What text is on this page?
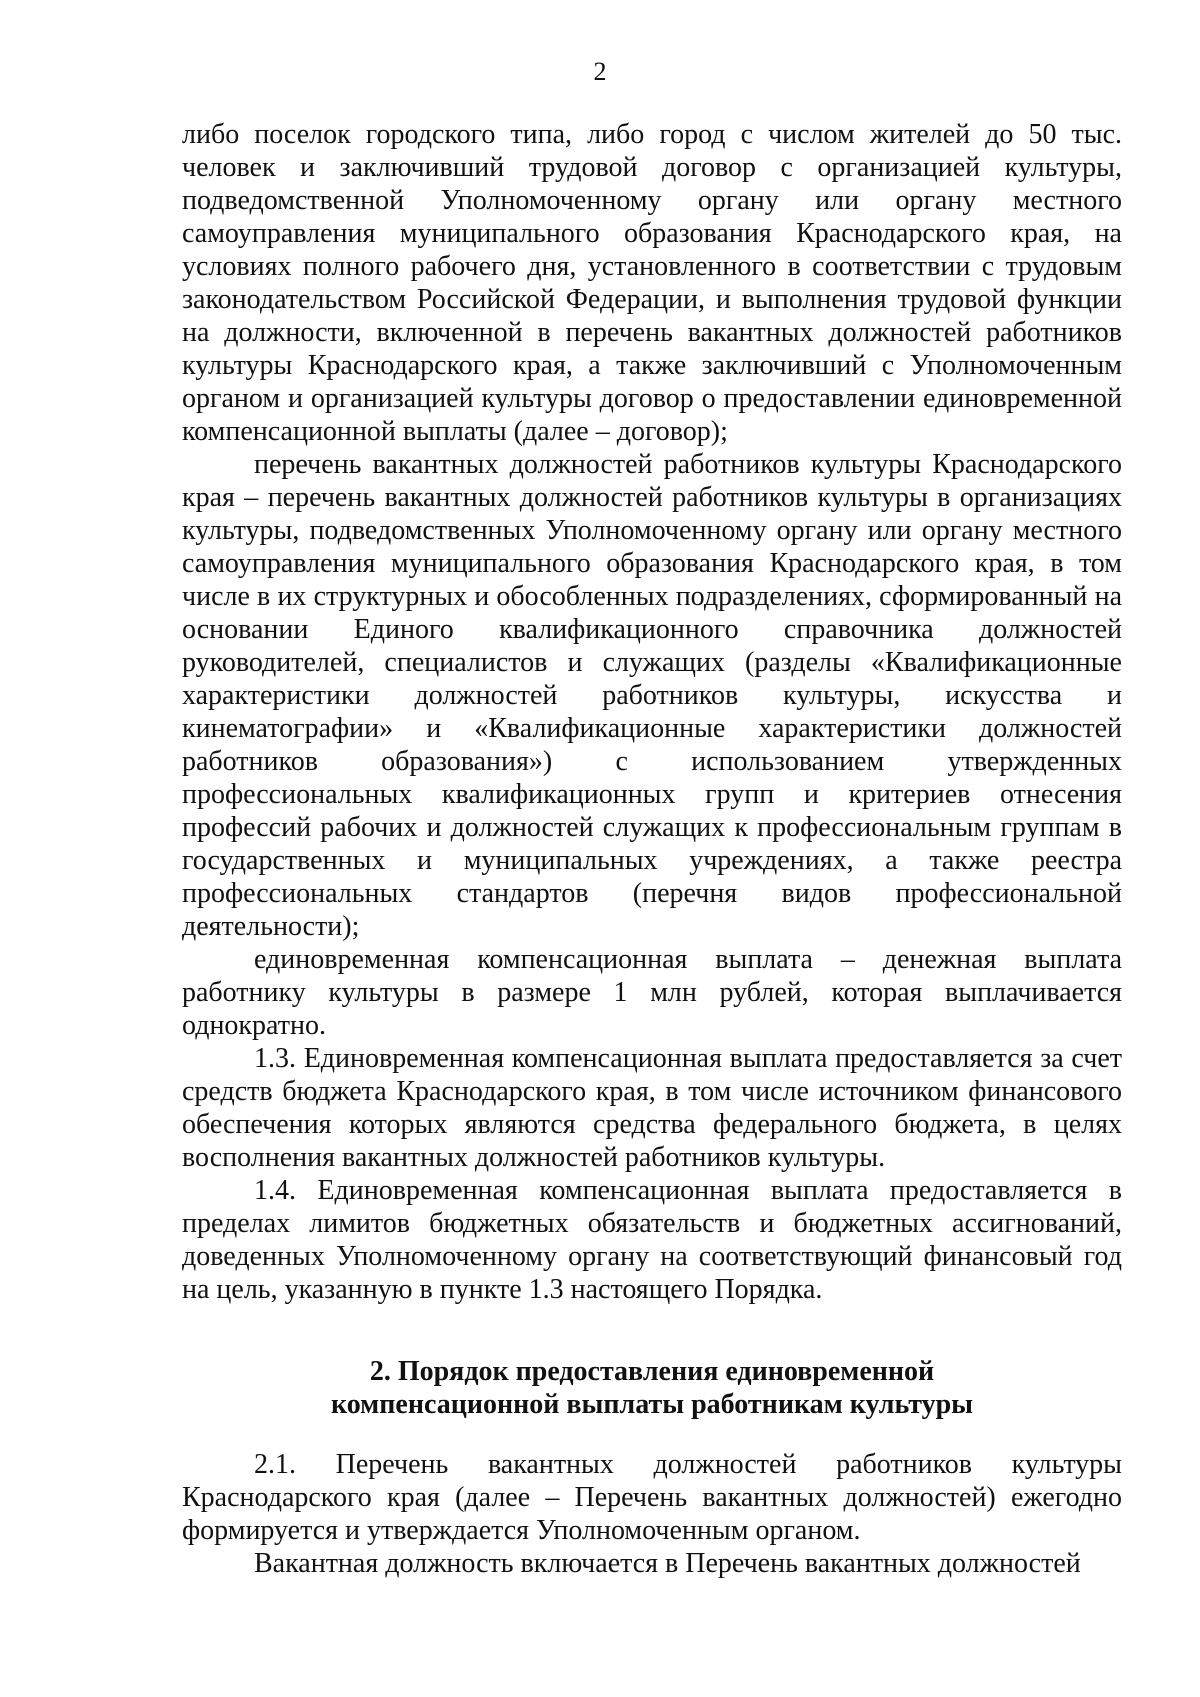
2

либо поселок городского типа, либо город с числом жителей до 50 тыс. человек и заключивший трудовой договор с организацией культуры, подведомственной Уполномоченному органу или органу местного самоуправления муниципального образования Краснодарского края, на условиях полного рабочего дня, установленного в соответствии с трудовым законодательством Российской Федерации, и выполнения трудовой функции на должности, включенной в перечень вакантных должностей работников культуры Краснодарского края, а также заключивший с Уполномоченным органом и организацией культуры договор о предоставлении единовременной компенсационной выплаты (далее – договор);

перечень вакантных должностей работников культуры Краснодарского края – перечень вакантных должностей работников культуры в организациях культуры, подведомственных Уполномоченному органу или органу местного самоуправления муниципального образования Краснодарского края, в том числе в их структурных и обособленных подразделениях, сформированный на основании Единого квалификационного справочника должностей руководителей, специалистов и служащих (разделы «Квалификационные характеристики должностей работников культуры, искусства и кинематографии» и «Квалификационные характеристики должностей работников образования») с использованием утвержденных профессиональных квалификационных групп и критериев отнесения профессий рабочих и должностей служащих к профессиональным группам в государственных и муниципальных учреждениях, а также реестра профессиональных стандартов (перечня видов профессиональной деятельности);

единовременная компенсационная выплата – денежная выплата работнику культуры в размере 1 млн рублей, которая выплачивается однократно.

1.3. Единовременная компенсационная выплата предоставляется за счет средств бюджета Краснодарского края, в том числе источником финансового обеспечения которых являются средства федерального бюджета, в целях восполнения вакантных должностей работников культуры.

1.4. Единовременная компенсационная выплата предоставляется в пределах лимитов бюджетных обязательств и бюджетных ассигнований, доведенных Уполномоченному органу на соответствующий финансовый год на цель, указанную в пункте 1.3 настоящего Порядка.

2. Порядок предоставления единовременной
компенсационной выплаты работникам культуры

2.1. Перечень вакантных должностей работников культуры Краснодарского края (далее – Перечень вакантных должностей) ежегодно формируется и утверждается Уполномоченным органом.

Вакантная должность включается в Перечень вакантных должностей
